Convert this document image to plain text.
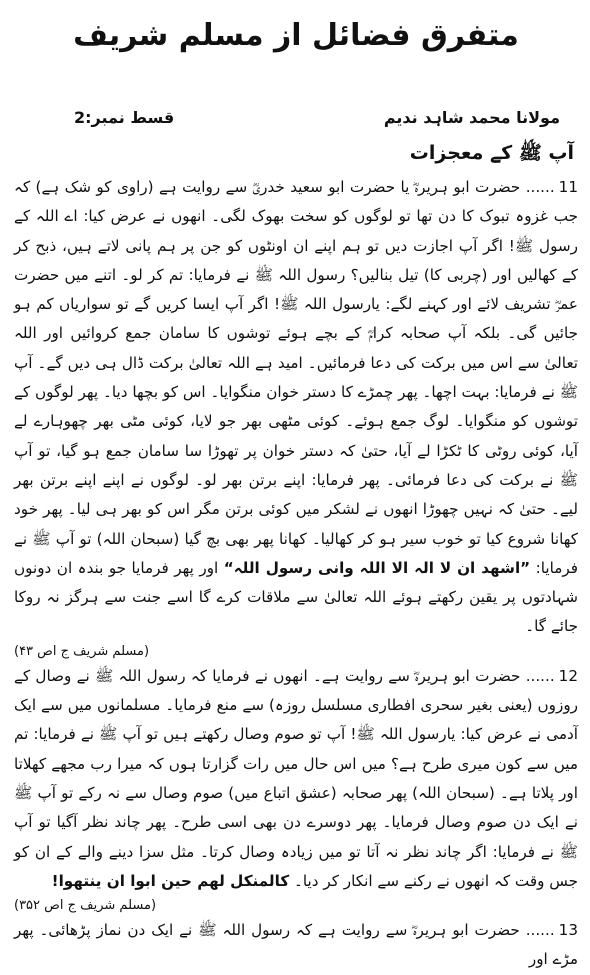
متفرق فضائل از مسلم شریف
قسط نمبر:2	مولانا محمد شاہد ندیم
آپ ﷺ کے معجزات

11...... حضرت ابو ہریرہؓ یا حضرت ابو سعید خدریؓ سے روایت ہے (راوی کو شک ہے) کہ جب غزوہ تبوک کا دن تھا تو لوگوں کو سخت بھوک لگی۔ انھوں نے عرض کیا: اے اللہ کے رسول ﷺ! اگر آپ اجازت دیں تو ہم اپنے ان اونٹوں کو جن پر ہم پانی لاتے ہیں، ذبح کر کے کھالیں اور (چربی کا) تیل بنالیں؟ رسول اللہ ﷺ نے فرمایا: تم کر لو۔ اتنے میں حضرت عمرؓ تشریف لائے اور کہنے لگے: یارسول اللہ ﷺ! اگر آپ ایسا کریں گے تو سواریاں کم ہو جائیں گی۔ بلکہ آپ صحابہ کرامؓ کے بچے ہوئے توشوں کا سامان جمع کروائیں اور اللہ تعالیٰ سے اس میں برکت کی دعا فرمائیں۔ امید ہے اللہ تعالیٰ برکت ڈال ہی دیں گے۔ آپ ﷺ نے فرمایا: بہت اچھا۔ پھر چمڑے کا دستر خوان منگوایا۔ اس کو بچھا دیا۔ پھر لوگوں کے توشوں کو منگوایا۔ لوگ جمع ہوئے۔ کوئی مٹھی بھر جو لایا، کوئی مٹی بھر چھوہارے لے آیا، کوئی روٹی کا ٹکڑا لے آیا، حتیٰ کہ دستر خوان پر تھوڑا سا سامان جمع ہو گیا، تو آپ ﷺ نے برکت کی دعا فرمائی۔ پھر فرمایا: اپنے برتن بھر لو۔ لوگوں نے اپنے اپنے برتن بھر لیے۔ حتیٰ کہ نہیں چھوڑا انھوں نے لشکر میں کوئی برتن مگر اس کو بھر ہی لیا۔ پھر خود کھانا شروع کیا تو خوب سیر ہو کر کھالیا۔ کھانا پھر بھی بچ گیا (سبحان اللہ) تو آپ ﷺ نے فرمایا: ”اشھد ان لا الہ الا اللہ وانی رسول اللہ“ اور پھر فرمایا جو بندہ ان دونوں شہادتوں پر یقین رکھتے ہوئے اللہ تعالیٰ سے ملاقات کرے گا اسے جنت سے ہرگز نہ روکا جائے گا۔

(مسلم شریف ج اص ۴۳)

12...... حضرت ابو ہریرہؓ سے روایت ہے۔ انھوں نے فرمایا کہ رسول اللہ ﷺ نے وصال کے روزوں (یعنی بغیر سحری افطاری مسلسل روزہ) سے منع فرمایا۔ مسلمانوں میں سے ایک آدمی نے عرض کیا: یارسول اللہ ﷺ! آپ تو صوم وصال رکھتے ہیں تو آپ ﷺ نے فرمایا: تم میں سے کون میری طرح ہے؟ میں اس حال میں رات گزارتا ہوں کہ میرا رب مجھے کھلاتا اور پلاتا ہے۔ (سبحان اللہ) پھر صحابہ (عشق اتباع میں) صوم وصال سے نہ رکے تو آپ ﷺ نے ایک دن صوم وصال فرمایا۔ پھر دوسرے دن بھی اسی طرح۔ پھر چاند نظر آگیا تو آپ ﷺ نے فرمایا: اگر چاند نظر نہ آتا تو میں زیادہ وصال کرتا۔ مثل سزا دینے والے کے ان کو جس وقت کہ انھوں نے رکنے سے انکار کر دیا۔ کالمنکل لھم حین ابوا ان ینتھوا!

(مسلم شریف ج اص ۳۵۲)

13...... حضرت ابو ہریرہؓ سے روایت ہے کہ رسول اللہ ﷺ نے ایک دن نماز پڑھائی۔ پھر مڑے اور
